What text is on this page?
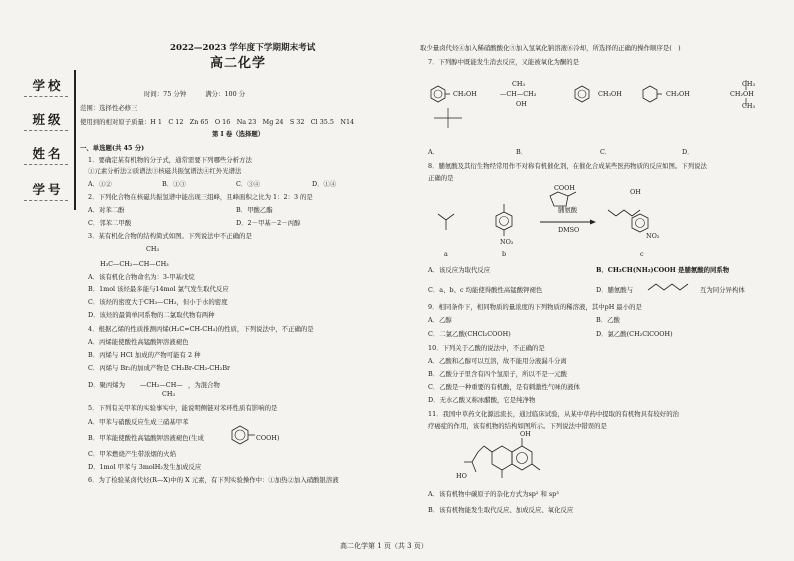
学校
班级
姓名
学号
2022—2023 学年度下学期期末考试
高二化学
时间：75 分钟　　　满分：100 分
范围：选择性必修三
使用到的相对原子质量：H 1　C 12　Zn 65　O 16　Na 23　Mg 24　S 32　Cl 35.5　N14
第 I 卷（选择题）
一、单选题(共 45 分)
1．要确定某有机物的分子式，通常需要下列哪些分析方法
①元素分析法②质谱法③核磁共振氢谱法④红外光谱法
A．①②	B．①③	C．③④	D．①④
2．下列化合物在核磁共振氢谱中能出现三组峰，且峰面积之比为 1：2：3 的是
A．对苯二酚	B．甲酸乙酯
C．邻苯二甲酸	D．2－甲基－2－丙醇
3．某有机化合物的结构简式如图。下列说法中不正确的是
CH₃
H₃C—CH₂—CH—CH₃
A．该有机化合物命名为：3-甲基戊烷
B．1mol 该烃最多能与14mol 氯气发生取代反应
C．该烃的密度大于CH₃—CH₃，但小于水的密度
D．该烃的最简单同系物的二氯取代物有两种
4．根据乙烯的性质推测丙烯(H₂C=CH-CH₃)的性质，下列说法中，不正确的是
A．丙烯能使酸性高锰酸钾溶液褪色
B．丙烯与 HCl 加成的产物可能有 2 种
C．丙烯与 Br₂的加成产物是 CH₂Br-CH₂-CH₂Br
D．聚丙烯为 —CH₂—CH—
CH₃
，为混合物
5．下列有关甲苯的实验事实中，能说明侧链对苯环性质有影响的是
A．甲苯与硝酸反应生成三硝基甲苯
B．甲苯能使酸性高锰酸钾溶液褪色(生成	COOH)
C．甲苯燃烧产生带浓烟的火焰
D．1mol 甲苯与 3molH₂发生加成反应
6．为了检验某卤代烃(R—X)中的 X 元素，有下列实验操作中：①加热②加入硝酸银溶液
取少量卤代烃④加入稀硝酸酸化⑤加入氢氧化钠溶液⑥冷却，所选择的正确的操作顺序是(　)
7．下列醇中既能发生消去反应，又能被氧化为酮的是
CH₂OH
CH₃
—CH—CH₃
OH
CH₃OH	CH₂OH
CH₃
CH₂OH
CH₃
A．	B．	C．	D．
8．脯氨酸及其衍生物经常用作不对称有机催化剂，在催化合成某些医药物质的反应如图。下列说法
正确的是
COOH
脯氨酸
DMSO
OH
NO₂
NO₂
a	b	c
A．该反应为取代反应	B．CH₂CH(NH₂)COOH 是脯氨酸的同系物
C．a、b、c 均能使得酸性高锰酸钾褪色	D．脯氨酸与	互为同分异构体
9．相同条件下，相同物质的量浓度的下列物质的稀溶液，其中pH 最小的是
A．乙醇	B．乙酸
C．二氯乙酸(CHCl₂COOH)	D．氯乙酸(CH₂ClCOOH)
10．下列关于乙酸的说法中，不正确的是
A．乙酸和乙醇可以互溶，故不能用分液漏斗分离
B．乙酸分子里含有四个氢原子，所以不是一元酸
C．乙酸是一种重要的有机酸，是有刺激性气味的液体
D．无水乙酸又称冰醋酸，它是纯净物
11．我国中草药文化源远流长，通过临床试验，从某中草药中提取的有机物具有较好的治
疗癌症的作用，该有机物的结构如图所示。下列说法中错误的是
OH
HO
A．该有机物中碳原子的杂化方式为sp² 和 sp³
B．该有机物能发生取代反应、加成反应、氧化反应
高二化学第 1 页（共 3 页）
